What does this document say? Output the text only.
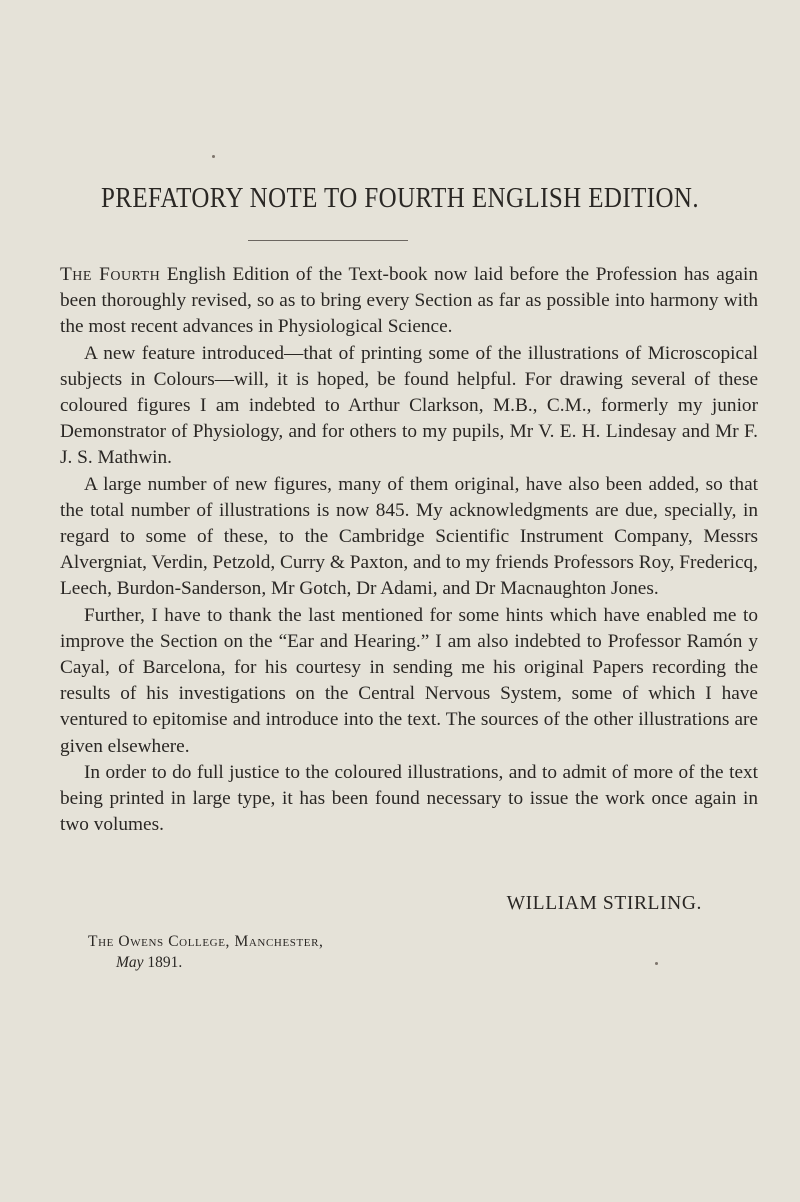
PREFATORY NOTE TO FOURTH ENGLISH EDITION.

The Fourth English Edition of the Text-book now laid before the Profession has again been thoroughly revised, so as to bring every Section as far as possible into harmony with the most recent advances in Physiological Science.

A new feature introduced—that of printing some of the illustrations of Microscopical subjects in Colours—will, it is hoped, be found helpful. For drawing several of these coloured figures I am indebted to Arthur Clarkson, M.B., C.M., formerly my junior Demonstrator of Physiology, and for others to my pupils, Mr V. E. H. Lindesay and Mr F. J. S. Mathwin.

A large number of new figures, many of them original, have also been added, so that the total number of illustrations is now 845. My acknowledgments are due, specially, in regard to some of these, to the Cambridge Scientific Instrument Company, Messrs Alvergniat, Verdin, Petzold, Curry & Paxton, and to my friends Professors Roy, Fredericq, Leech, Burdon-Sanderson, Mr Gotch, Dr Adami, and Dr Macnaughton Jones.

Further, I have to thank the last mentioned for some hints which have enabled me to improve the Section on the “Ear and Hearing.” I am also indebted to Professor Ramón y Cayal, of Barcelona, for his courtesy in sending me his original Papers recording the results of his investigations on the Central Nervous System, some of which I have ventured to epitomise and introduce into the text. The sources of the other illustrations are given elsewhere.

In order to do full justice to the coloured illustrations, and to admit of more of the text being printed in large type, it has been found necessary to issue the work once again in two volumes.

WILLIAM STIRLING.
The Owens College, Manchester,
May 1891.
